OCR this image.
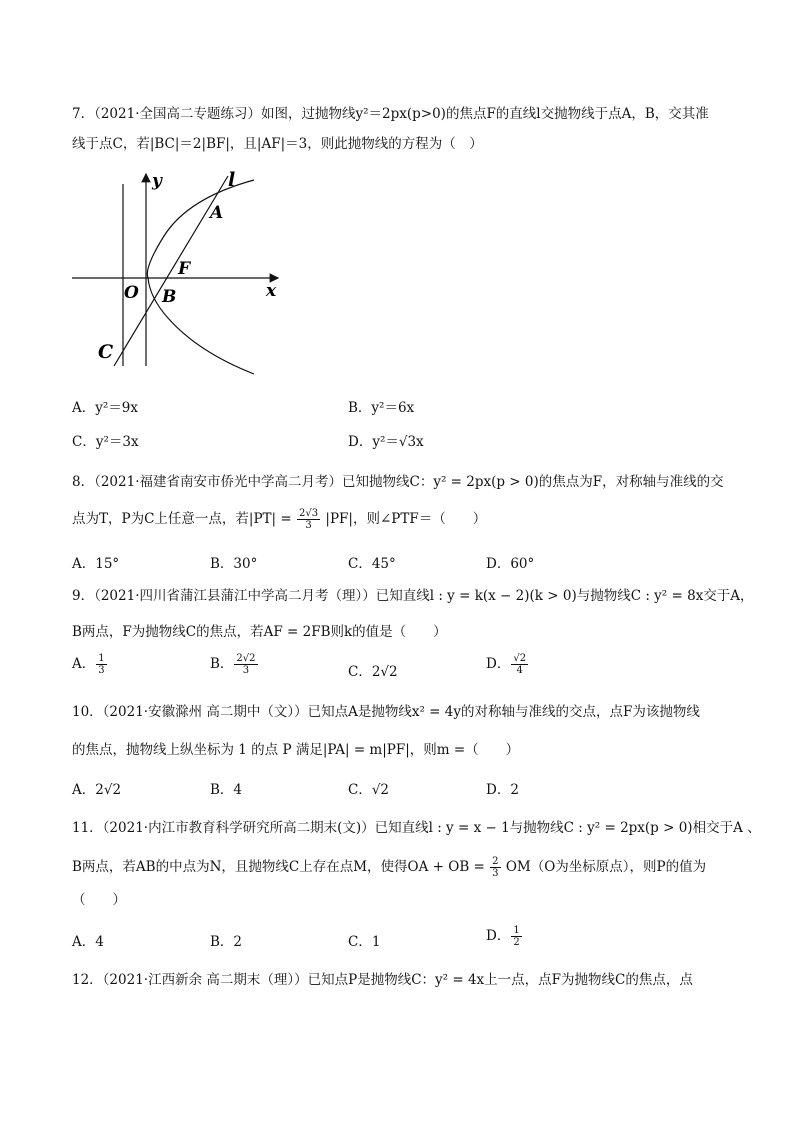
7．（2021·全国高二专题练习）如图，过抛物线y²＝2px(p>0)的焦点F的直线l交抛物线于点A，B，交其准
线于点C，若|BC|＝2|BF|，且|AF|＝3，则此抛物线的方程为（　）
y	l
A
F
O B	x
C
A．y²＝9x	B．y²＝6x
C．y²＝3x	D．y²＝√3x
8．（2021·福建省南安市侨光中学高二月考）已知抛物线C：y² = 2px(p > 0)的焦点为F，对称轴与准线的交
点为T，P为C上任意一点，若$|PT| = \frac{2√3}{3} |PF|$，则∠PTF＝（　　）
A．15°	B．30°	C．45°	D．60°
9．（2021·四川省蒲江县蒲江中学高二月考（理））已知直线l : y = k(x − 2)(k > 0)与抛物线C : y² = 8x交于A，
B两点，F为抛物线C的焦点，若AF = 2FB则k的值是（　　）
A． $\frac{1}{3}$	B． $\frac{2√2}{3}$	C．2√2	D． $\frac{√2}{4}$
10．（2021·安徽滁州 高二期中（文））已知点A是抛物线x² = 4y的对称轴与准线的交点，点F为该抛物线
的焦点，抛物线上纵坐标为 1 的点 P 满足|PA| = m|PF|，则m =（　　）
A．2√2	B．4	C．√2	D．2
11．（2021·内江市教育科学研究所高二期末(文)）已知直线l : y = x − 1与抛物线C : y² = 2px(p > 0)相交于A 、
B两点，若AB的中点为N，且抛物线C上存在点M，使得OA + OB = $\frac{2}{3} OM(O$为坐标原点），则P的值为
（　　）
A．4	B．2	C．1	D． $\frac{1}{2}$
12．（2021·江西新余 高二期末（理））已知点P是抛物线C：y² = 4x上一点，点F为抛物线C的焦点，点
